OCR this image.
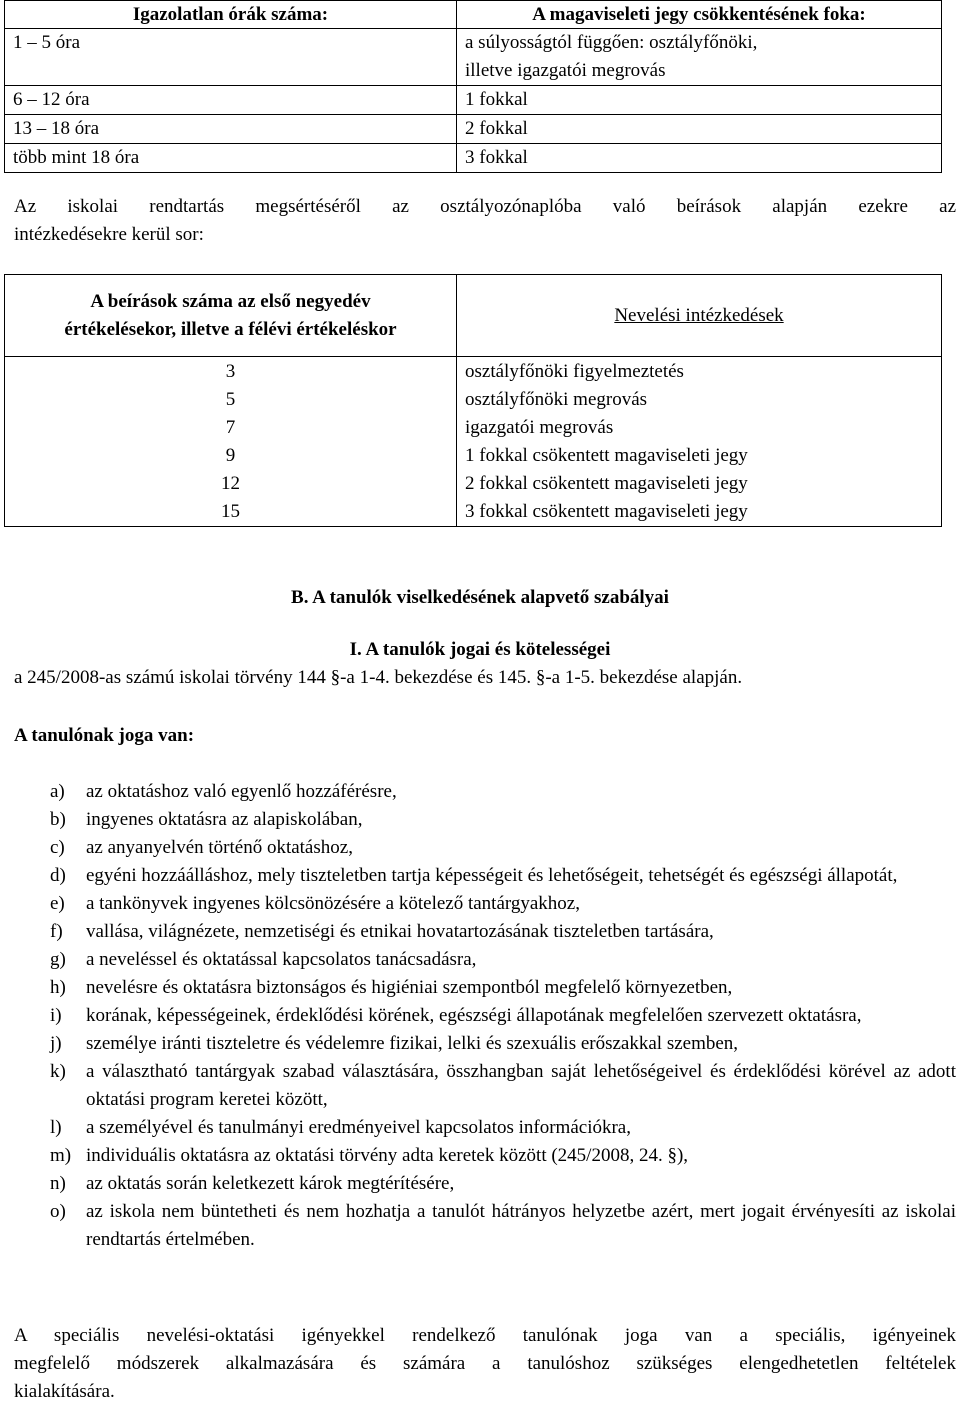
Igazolatlan órák száma:	A magaviseleti jegy csökkentésének foka:
1 – 5 óra	a súlyosságtól függően: osztályfőnöki,
illetve igazgatói megrovás

6 – 12 óra	1 fokkal
13 – 18 óra	2 fokkal
több mint 18 óra	3 fokkal

Az iskolai rendtartás megsértéséről az osztályozónaplóba való beírások alapján ezekre az
intézkedésekre kerül sor:

A beírások száma az első negyedév
értékelésekor, illetve a félévi értékeléskor	Nevelési intézkedések

3	osztályfőnöki figyelmeztetés
5	osztályfőnöki megrovás
7	igazgatói megrovás
9	1 fokkal csökentett magaviseleti jegy
12	2 fokkal csökentett magaviseleti jegy
15	3 fokkal csökentett magaviseleti jegy
B. A tanulók viselkedésének alapvető szabályai
I. A tanulók jogai és kötelességei
a 245/2008-as számú iskolai törvény 144 §-a 1-4. bekezdése és 145. §-a 1-5. bekezdése alapján.
A tanulónak joga van:
a) az oktatáshoz való egyenlő hozzáférésre,
b) ingyenes oktatásra az alapiskolában,
c) az anyanyelvén történő oktatáshoz,
d) egyéni hozzáálláshoz, mely tiszteletben tartja képességeit és lehetőségeit, tehetségét és egészségi állapotát,
e) a tankönyvek ingyenes kölcsönözésére a kötelező tantárgyakhoz,
f) vallása, világnézete, nemzetiségi és etnikai hovatartozásának tiszteletben tartására,
g) a neveléssel és oktatással kapcsolatos tanácsadásra,
h) nevelésre és oktatásra biztonságos és higiéniai szempontból megfelelő környezetben,
i) korának, képességeinek, érdeklődési körének, egészségi állapotának megfelelően szervezett oktatásra,
j) személye iránti tiszteletre és védelemre fizikai, lelki és szexuális erőszakkal szemben,
k) a választható tantárgyak szabad választására, összhangban saját lehetőségeivel és érdeklődési körével az adott oktatási program keretei között,
l) a személyével és tanulmányi eredményeivel kapcsolatos információkra,
m) individuális oktatásra az oktatási törvény adta keretek között (245/2008, 24. §),
n) az oktatás során keletkezett károk megtérítésére,
o) az iskola nem büntetheti és nem hozhatja a tanulót hátrányos helyzetbe azért, mert jogait érvényesíti az iskolai rendtartás értelmében.

A speciális nevelési-oktatási igényekkel rendelkező tanulónak joga van a speciális, igényeinek
megfelelő módszerek alkalmazására és számára a tanulóshoz szükséges elengedhetetlen feltételek
kialakítására.
